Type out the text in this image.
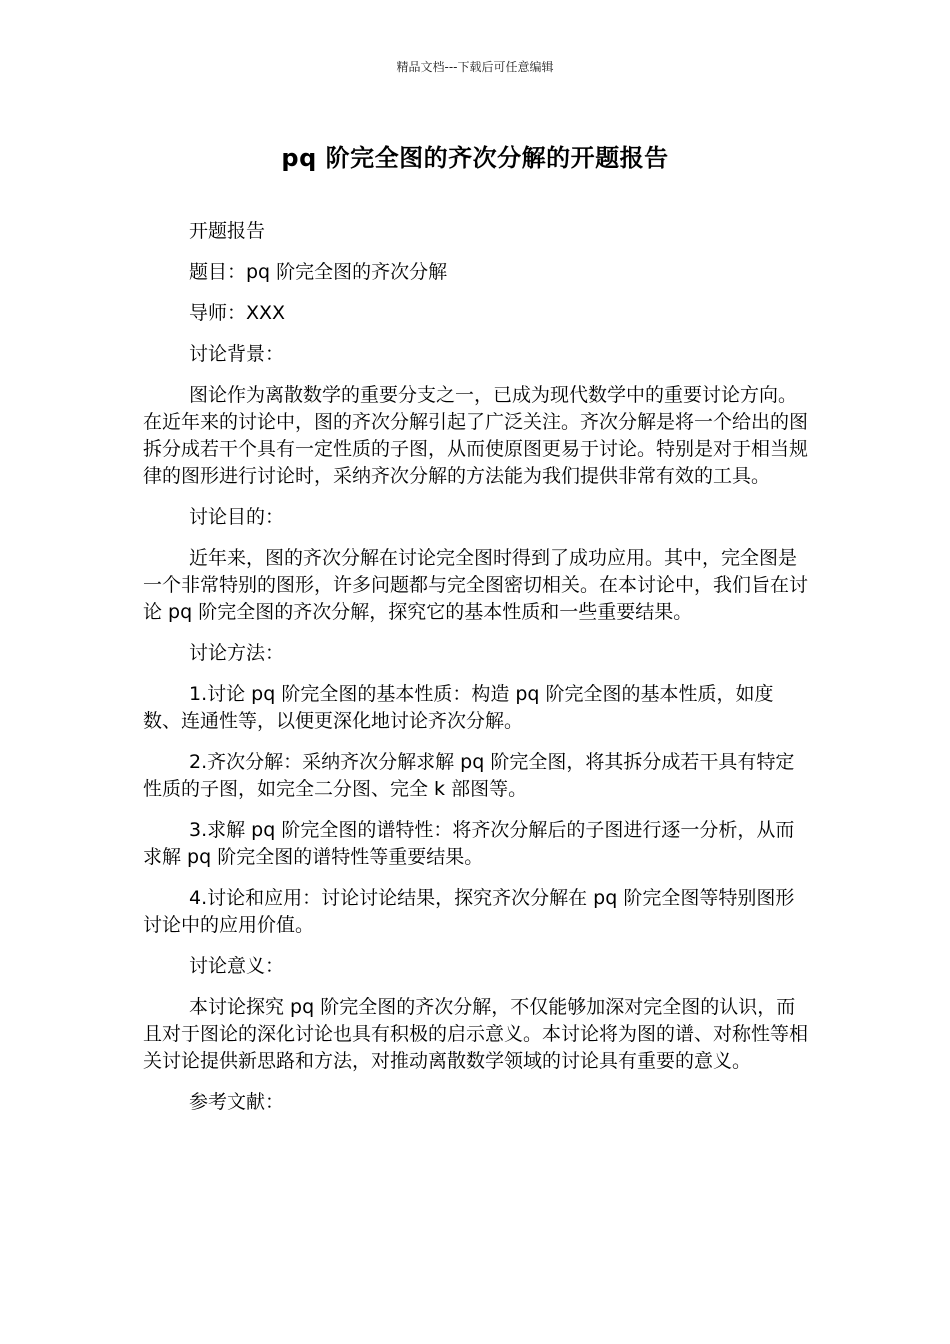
精品文档---下载后可任意编辑
pq 阶完全图的齐次分解的开题报告

开题报告

题目：pq 阶完全图的齐次分解

导师：XXX

讨论背景：

图论作为离散数学的重要分支之一，已成为现代数学中的重要讨论方向。在近年来的讨论中，图的齐次分解引起了广泛关注。齐次分解是将一个给出的图拆分成若干个具有一定性质的子图，从而使原图更易于讨论。特别是对于相当规律的图形进行讨论时，采纳齐次分解的方法能为我们提供非常有效的工具。

讨论目的：

近年来，图的齐次分解在讨论完全图时得到了成功应用。其中，完全图是一个非常特别的图形，许多问题都与完全图密切相关。在本讨论中，我们旨在讨论 pq 阶完全图的齐次分解，探究它的基本性质和一些重要结果。

讨论方法：

1.讨论 pq 阶完全图的基本性质：构造 pq 阶完全图的基本性质，如度数、连通性等，以便更深化地讨论齐次分解。

2.齐次分解：采纳齐次分解求解 pq 阶完全图，将其拆分成若干具有特定性质的子图，如完全二分图、完全 k 部图等。

3.求解 pq 阶完全图的谱特性：将齐次分解后的子图进行逐一分析，从而求解 pq 阶完全图的谱特性等重要结果。

4.讨论和应用：讨论讨论结果，探究齐次分解在 pq 阶完全图等特别图形讨论中的应用价值。

讨论意义：

本讨论探究 pq 阶完全图的齐次分解，不仅能够加深对完全图的认识，而且对于图论的深化讨论也具有积极的启示意义。本讨论将为图的谱、对称性等相关讨论提供新思路和方法，对推动离散数学领域的讨论具有重要的意义。

参考文献：
